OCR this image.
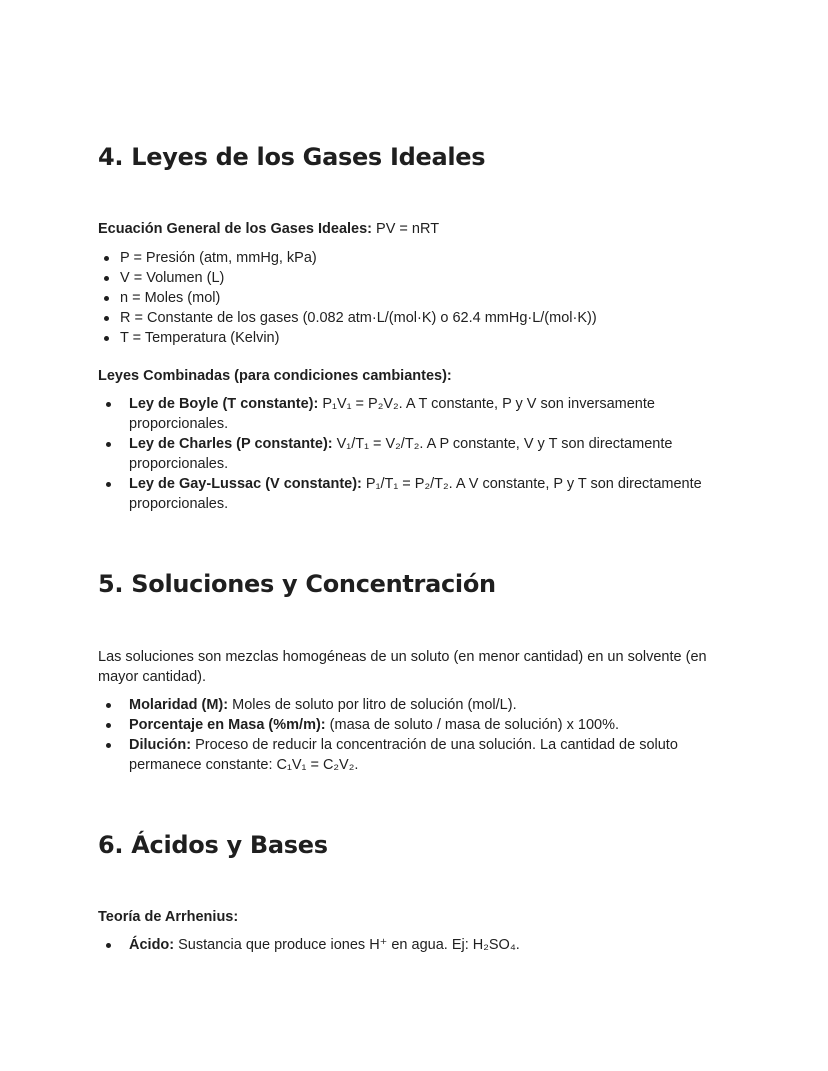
4. Leyes de los Gases Ideales

Ecuación General de los Gases Ideales: PV = nRT

P = Presión (atm, mmHg, kPa)
V = Volumen (L)
n = Moles (mol)
R = Constante de los gases (0.082 atm·L/(mol·K) o 62.4 mmHg·L/(mol·K))
T = Temperatura (Kelvin)

Leyes Combinadas (para condiciones cambiantes):

Ley de Boyle (T constante): P₁V₁ = P₂V₂. A T constante, P y V son inversamente proporcionales.
Ley de Charles (P constante): V₁/T₁ = V₂/T₂. A P constante, V y T son directamente proporcionales.
Ley de Gay-Lussac (V constante): P₁/T₁ = P₂/T₂. A V constante, P y T son directamente proporcionales.
5. Soluciones y Concentración

Las soluciones son mezclas homogéneas de un soluto (en menor cantidad) en un solvente (en mayor cantidad).

Molaridad (M): Moles de soluto por litro de solución (mol/L).
Porcentaje en Masa (%m/m): (masa de soluto / masa de solución) x 100%.
Dilución: Proceso de reducir la concentración de una solución. La cantidad de soluto permanece constante: C₁V₁ = C₂V₂.
6. Ácidos y Bases

Teoría de Arrhenius:

Ácido: Sustancia que produce iones H⁺ en agua. Ej: H₂SO₄.
